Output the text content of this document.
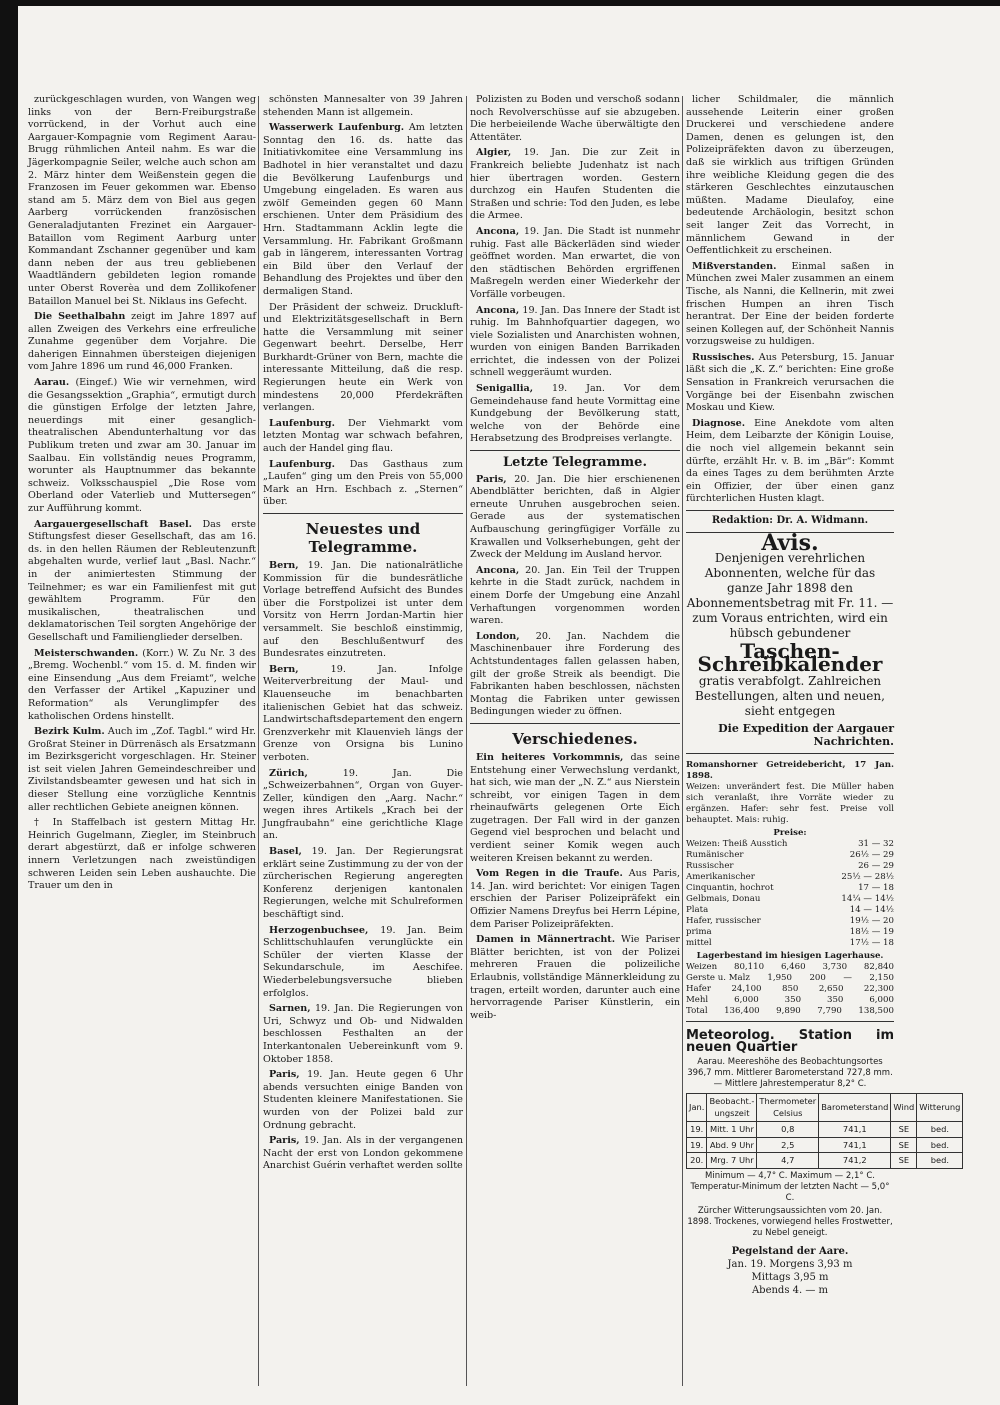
zurückgeschlagen wurden, von Wangen weg links von der Bern-Freiburgstraße vorrückend, in der Vorhut auch eine Aargauer-Kompagnie vom Regiment Aarau-Brugg rühmlichen Anteil nahm. Es war die Jägerkompagnie Seiler, welche auch schon am 2. März hinter dem Weißenstein gegen die Franzosen im Feuer gekommen war. Ebenso stand am 5. März dem von Biel aus gegen Aarberg vorrückenden französischen Generaladjutanten Frezinet ein Aargauer-Bataillon vom Regiment Aarburg unter Kommandant Zschanner gegenüber und kam dann neben der aus treu gebliebenen Waadtländern gebildeten legion romande unter Oberst Roverèa und dem Zollikofener Bataillon Manuel bei St. Niklaus ins Gefecht.

Die Seethalbahn zeigt im Jahre 1897 auf allen Zweigen des Verkehrs eine erfreuliche Zunahme gegenüber dem Vorjahre. Die daherigen Einnahmen übersteigen diejenigen vom Jahre 1896 um rund 46,000 Franken.

Aarau. (Eingef.) Wie wir vernehmen, wird die Gesangssektion „Graphia“, ermutigt durch die günstigen Erfolge der letzten Jahre, neuerdings mit einer gesanglich-theatralischen Abendunterhaltung vor das Publikum treten und zwar am 30. Januar im Saalbau. Ein vollständig neues Programm, worunter als Hauptnummer das bekannte schweiz. Volksschauspiel „Die Rose vom Oberland oder Vaterlieb und Muttersegen“ zur Aufführung kommt.

Aargauergesellschaft Basel. Das erste Stiftungsfest dieser Gesellschaft, das am 16. ds. in den hellen Räumen der Rebleutenzunft abgehalten wurde, verlief laut „Basl. Nachr.“ in der animiertesten Stimmung der Teilnehmer; es war ein Familienfest mit gut gewähltem Programm. Für den musikalischen, theatralischen und deklamatorischen Teil sorgten Angehörige der Gesellschaft und Familienglieder derselben.

Meisterschwanden. (Korr.) W. Zu Nr. 3 des „Bremg. Wochenbl.“ vom 15. d. M. finden wir eine Einsendung „Aus dem Freiamt“, welche den Verfasser der Artikel „Kapuziner und Reformation“ als Verunglimpfer des katholischen Ordens hinstellt.

Bezirk Kulm. Auch im „Zof. Tagbl.“ wird Hr. Großrat Steiner in Dürrenäsch als Ersatzmann im Bezirksgericht vorgeschlagen. Hr. Steiner ist seit vielen Jahren Gemeindeschreiber und Zivilstandsbeamter gewesen und hat sich in dieser Stellung eine vorzügliche Kenntnis aller rechtlichen Gebiete aneignen können.

† In Staffelbach ist gestern Mittag Hr. Heinrich Gugelmann, Ziegler, im Steinbruch derart abgestürzt, daß er infolge schweren innern Verletzungen nach zweistündigen schweren Leiden sein Leben aushauchte. Die Trauer um den in

schönsten Mannesalter von 39 Jahren stehenden Mann ist allgemein.

Wasserwerk Laufenburg. Am letzten Sonntag den 16. ds. hatte das Initiativkomitee eine Versammlung ins Badhotel in hier veranstaltet und dazu die Bevölkerung Laufenburgs und Umgebung eingeladen. Es waren aus zwölf Gemeinden gegen 60 Mann erschienen. Unter dem Präsidium des Hrn. Stadtammann Acklin legte die Versammlung. Hr. Fabrikant Großmann gab in längerem, interessanten Vortrag ein Bild über den Verlauf der Behandlung des Projektes und über den dermaligen Stand.

Der Präsident der schweiz. Druckluft- und Elektrizitätsgesellschaft in Bern hatte die Versammlung mit seiner Gegenwart beehrt. Derselbe, Herr Burkhardt-Grüner von Bern, machte die interessante Mitteilung, daß die resp. Regierungen heute ein Werk von mindestens 20,000 Pferdekräften verlangen.

Laufenburg. Der Viehmarkt vom letzten Montag war schwach befahren, auch der Handel ging flau.

Laufenburg. Das Gasthaus zum „Laufen“ ging um den Preis von 55,000 Mark an Hrn. Eschbach z. „Sternen“ über.

Neuestes und Telegramme.

Bern, 19. Jan. Die nationalrätliche Kommission für die bundesrätliche Vorlage betreffend Aufsicht des Bundes über die Forstpolizei ist unter dem Vorsitz von Herrn Jordan-Martin hier versammelt. Sie beschloß einstimmig, auf den Beschlußentwurf des Bundesrates einzutreten.

Bern,	19. Jan. Infolge Weiterverbreitung der Maul- und Klauenseuche im benachbarten italienischen Gebiet hat das schweiz. Landwirtschaftsdepartement den engern Grenzverkehr mit Klauenvieh längs der Grenze von Orsigna bis Lunino verboten.

Zürich,	19. Jan. Die „Schweizerbahnen“, Organ von Guyer-Zeller, kündigen den „Aarg. Nachr.“ wegen ihres Artikels „Krach bei der Jungfraubahn“ eine gerichtliche Klage an.

Basel, 19. Jan. Der Regierungsrat erklärt seine Zustimmung zu der von der zürcherischen Regierung angeregten Konferenz derjenigen kantonalen Regierungen, welche mit Schulreformen beschäftigt sind.

Herzogenbuchsee, 19. Jan. Beim Schlittschuhlaufen verunglückte ein Schüler der vierten Klasse der Sekundarschule, im Aeschifee. Wiederbelebungsversuche blieben erfolglos.

Sarnen, 19. Jan. Die Regierungen von Uri, Schwyz und Ob- und Nidwalden beschlossen Festhalten an der Interkantonalen Uebereinkunft vom 9. Oktober 1858.

Paris, 19. Jan. Heute gegen 6 Uhr abends versuchten einige Banden von Studenten kleinere Manifestationen. Sie wurden von der Polizei bald zur Ordnung gebracht.

Paris, 19. Jan. Als in der vergangenen Nacht der erst von London gekommene Anarchist Guérin verhaftet werden sollte

Polizisten zu Boden und verschoß sodann noch Revolverschüsse auf sie abzugeben. Die herbeieilende Wache überwältigte den Attentäter.

Algier, 19. Jan. Die zur Zeit in Frankreich beliebte Judenhatz ist nach hier übertragen worden. Gestern durchzog ein Haufen Studenten die Straßen und schrie: Tod den Juden, es lebe die Armee.

Ancona, 19. Jan. Die Stadt ist nunmehr ruhig. Fast alle Bäckerläden sind wieder geöffnet worden. Man erwartet, die von den städtischen Behörden ergriffenen Maßregeln werden einer Wiederkehr der Vorfälle vorbeugen.

Ancona, 19. Jan. Das Innere der Stadt ist ruhig. Im Bahnhofquartier dagegen, wo viele Sozialisten und Anarchisten wohnen, wurden von einigen Banden Barrikaden errichtet, die indessen von der Polizei schnell weggeräumt wurden.

Senigallia, 19. Jan. Vor dem Gemeindehause fand heute Vormittag eine Kundgebung der Bevölkerung statt, welche von der Behörde eine Herabsetzung des Brodpreises verlangte.

Letzte Telegramme.

Paris, 20. Jan. Die hier erschienenen Abendblätter berichten, daß in Algier erneute Unruhen ausgebrochen seien. Gerade aus der systematischen Aufbauschung geringfügiger Vorfälle zu Krawallen und Volkserhebungen, geht der Zweck der Meldung im Ausland hervor.

Ancona, 20. Jan. Ein Teil der Truppen kehrte in die Stadt zurück, nachdem in einem Dorfe der Umgebung eine Anzahl Verhaftungen vorgenommen worden waren.

London, 20. Jan. Nachdem die Maschinenbauer ihre Forderung des Achtstundentages fallen gelassen haben, gilt der große Streik als beendigt. Die Fabrikanten haben beschlossen, nächsten Montag die Fabriken unter gewissen Bedingungen wieder zu öffnen.

Verschiedenes.

Ein heiteres Vorkommnis, das seine Entstehung einer Verwechslung verdankt, hat sich, wie man der „N. Z.“ aus Nierstein schreibt, vor einigen Tagen in dem rheinaufwärts gelegenen Orte Eich zugetragen. Der Fall wird in der ganzen Gegend viel besprochen und belacht und verdient seiner Komik wegen auch weiteren Kreisen bekannt zu werden.

Vom Regen in die Traufe. Aus Paris, 14. Jan. wird berichtet: Vor einigen Tagen erschien der Pariser Polizeipräfekt ein Offizier Namens Dreyfus bei Herrn Lépine, dem Pariser Polizeipräfekten.

Damen in Männertracht. Wie Pariser Blätter berichten, ist von der Polizei mehreren Frauen die polizeiliche Erlaubnis, vollständige Männerkleidung zu tragen, erteilt worden, darunter auch eine hervorragende Pariser Künstlerin, ein weib-

licher Schildmaler, die männlich aussehende Leiterin einer großen Druckerei und verschiedene andere Damen, denen es gelungen ist, den Polizeipräfekten davon zu überzeugen, daß sie wirklich aus triftigen Gründen ihre weibliche Kleidung gegen die des stärkeren Geschlechtes einzutauschen müßten. Madame Dieulafoy, eine bedeutende Archäologin, besitzt schon seit langer Zeit das Vorrecht, in männlichem Gewand in der Oeffentlichkeit zu erscheinen.

Mißverstanden. Einmal saßen in München zwei Maler zusammen an einem Tische, als Nanni, die Kellnerin, mit zwei frischen Humpen an ihren Tisch herantrat. Der Eine der beiden forderte seinen Kollegen auf, der Schönheit Nannis vorzugsweise zu huldigen.

Russisches. Aus Petersburg, 15. Januar läßt sich die „K. Z.“ berichten: Eine große Sensation in Frankreich verursachen die Vorgänge bei der Eisenbahn zwischen Moskau und Kiew.

Diagnose. Eine Anekdote vom alten Heim, dem Leibarzte der Königin Louise, die noch viel allgemein bekannt sein dürfte, erzählt Hr. v. B. im „Bär“: Kommt da eines Tages zu dem berühmten Arzte ein Offizier, der über einen ganz fürchterlichen Husten klagt.

Redaktion: Dr. A. Widmann.
Avis.
Denjenigen verehrlichen Abonnenten, welche für das ganze Jahr 1898 den Abonnementsbetrag mit Fr. 11. — zum Voraus entrichten, wird ein hübsch gebundener
Taschen-Schreibkalender
gratis verabfolgt. Zahlreichen Bestellungen, alten und neuen, sieht entgegen
Die Expedition der Aargauer Nachrichten.
Romanshorner Getreidebericht, 17 Jan. 1898.
Weizen: unverändert fest. Die Müller haben sich veranlaßt, ihre Vorräte wieder zu ergänzen. Hafer: sehr fest. Preise voll behauptet. Mais: ruhig.
Preise:
Weizen: Theiß Ausstich	31 — 32
Rumänischer	26½ — 29
Russischer	26 — 29
Amerikanischer	25½ — 28½
Cinquantin, hochrot	17 — 18
Gelbmais, Donau	14¼ — 14½
Plata	14 — 14½
Hafer, russischer	19½ — 20
prima	18½ — 19
mittel	17½ — 18
Lagerbestand im hiesigen Lagerhause.
Weizen 80,110 6,460 3,730 82,840
Gerste u. Malz 1,950 200 — 2,150
Hafer 24,100 850 2,650 22,300
Mehl	6,000	350	350	6,000
Total 136,400 9,890 7,790 138,500
Meteorolog. Station im neuen Quartier
Aarau. Meereshöhe des Beobachtungsortes 396,7 mm. Mittlerer Barometerstand 727,8 mm. — Mittlere Jahrestemperatur 8,2° C.
Jan.	Beobacht.-ungszeit	Thermometer Celsius	Barometerstand	Wind	Witterung
19.	Mitt. 1 Uhr	0,8	741,1	SE	bed.
19.	Abd. 9 Uhr	2,5	741,1	SE	bed.
20.	Mrg. 7 Uhr	4,7	741,2	SE	bed.
Minimum — 4,7° C. Maximum — 2,1° C. Temperatur-Minimum der letzten Nacht — 5,0° C.
Zürcher Witterungsaussichten vom 20. Jan. 1898. Trockenes, vorwiegend helles Frostwetter, zu Nebel geneigt.
Pegelstand der Aare.
Jan. 19. Morgens 3,93 m
Mittags 3,95 m
Abends 4. — m
